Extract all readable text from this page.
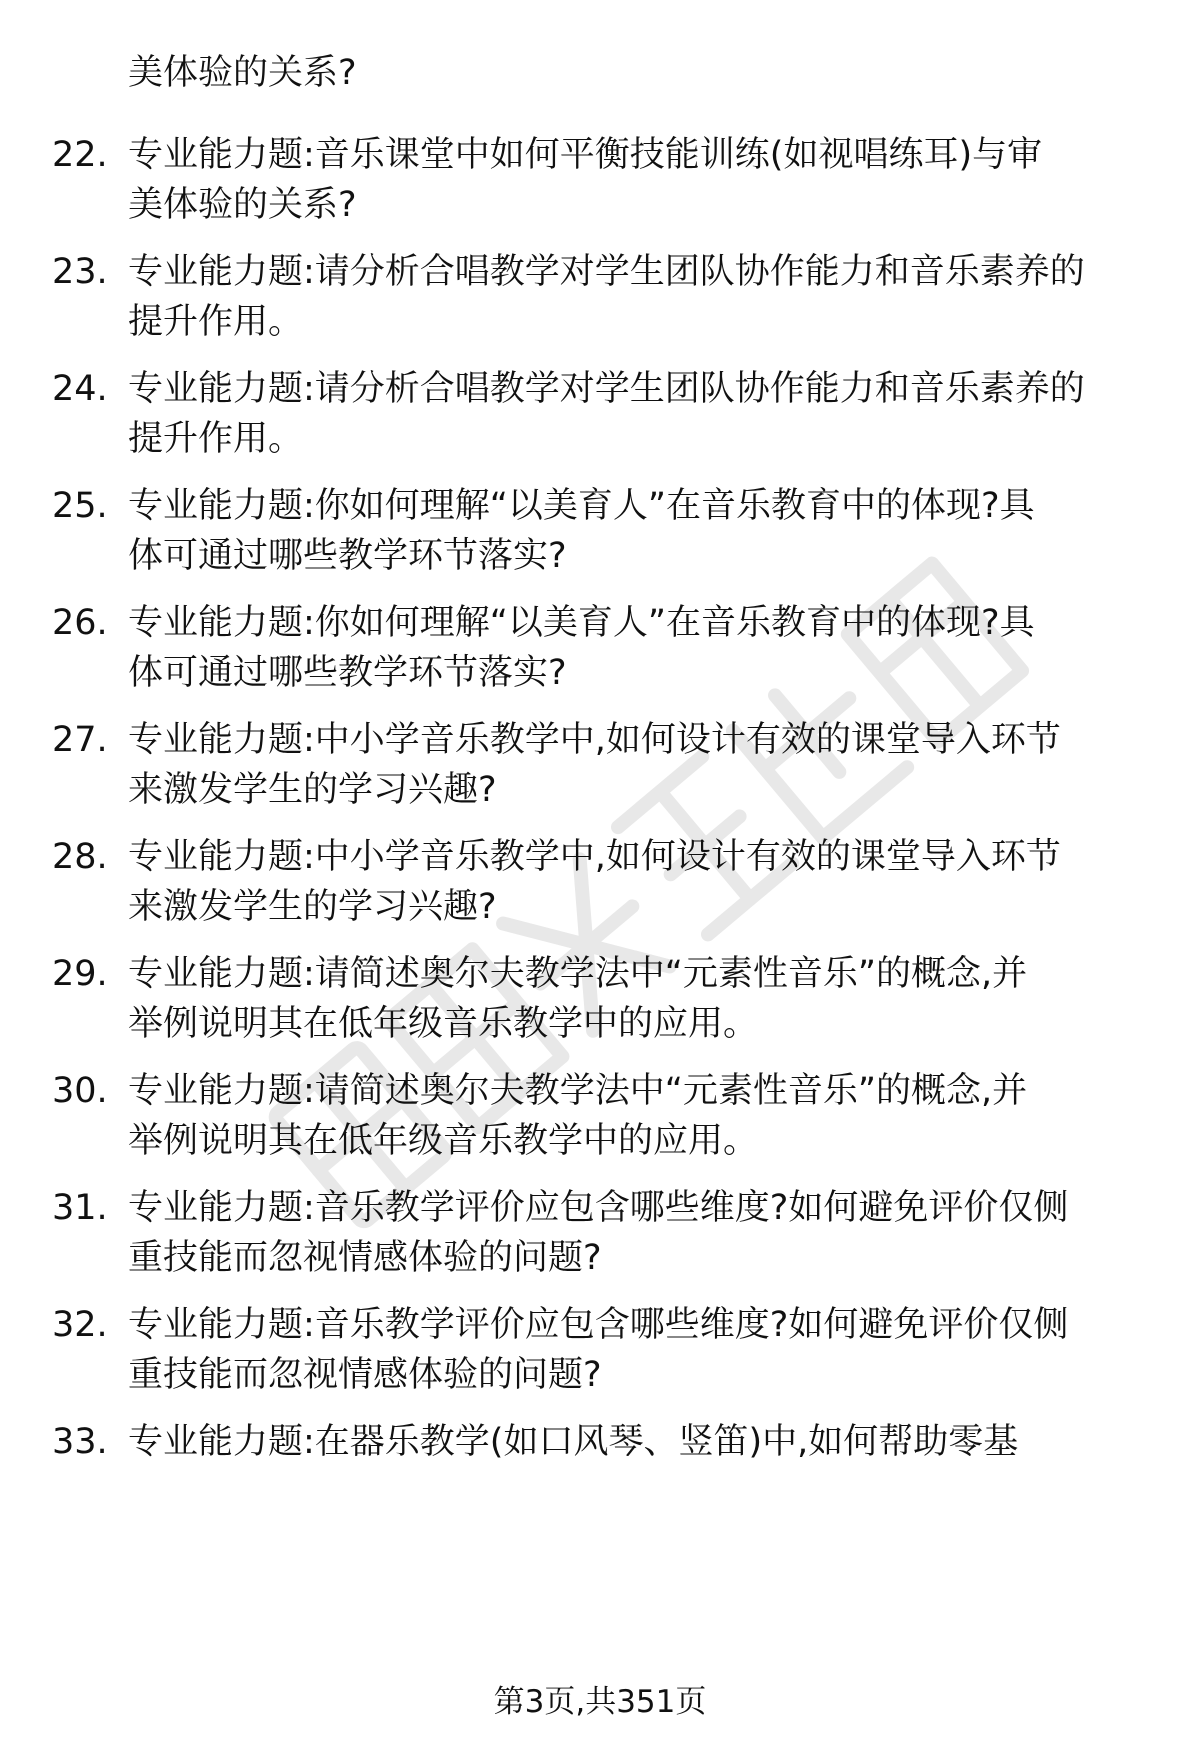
美体验的关系?
22. 专业能力题:音乐课堂中如何平衡技能训练(如视唱练耳)与审
美体验的关系?
23. 专业能力题:请分析合唱教学对学生团队协作能力和音乐素养的
提升作用。
24. 专业能力题:请分析合唱教学对学生团队协作能力和音乐素养的
提升作用。
25. 专业能力题:你如何理解“以美育人”在音乐教育中的体现?具
体可通过哪些教学环节落实?
26. 专业能力题:你如何理解“以美育人”在音乐教育中的体现?具
体可通过哪些教学环节落实?
27. 专业能力题:中小学音乐教学中,如何设计有效的课堂导入环节
来激发学生的学习兴趣?
28. 专业能力题:中小学音乐教学中,如何设计有效的课堂导入环节
来激发学生的学习兴趣?
29. 专业能力题:请简述奥尔夫教学法中“元素性音乐”的概念,并
举例说明其在低年级音乐教学中的应用。
30. 专业能力题:请简述奥尔夫教学法中“元素性音乐”的概念,并
举例说明其在低年级音乐教学中的应用。
31. 专业能力题:音乐教学评价应包含哪些维度?如何避免评价仅侧
重技能而忽视情感体验的问题?
32. 专业能力题:音乐教学评价应包含哪些维度?如何避免评价仅侧
重技能而忽视情感体验的问题?
33. 专业能力题:在器乐教学(如口风琴、竖笛)中,如何帮助零基
第3页,共351页
